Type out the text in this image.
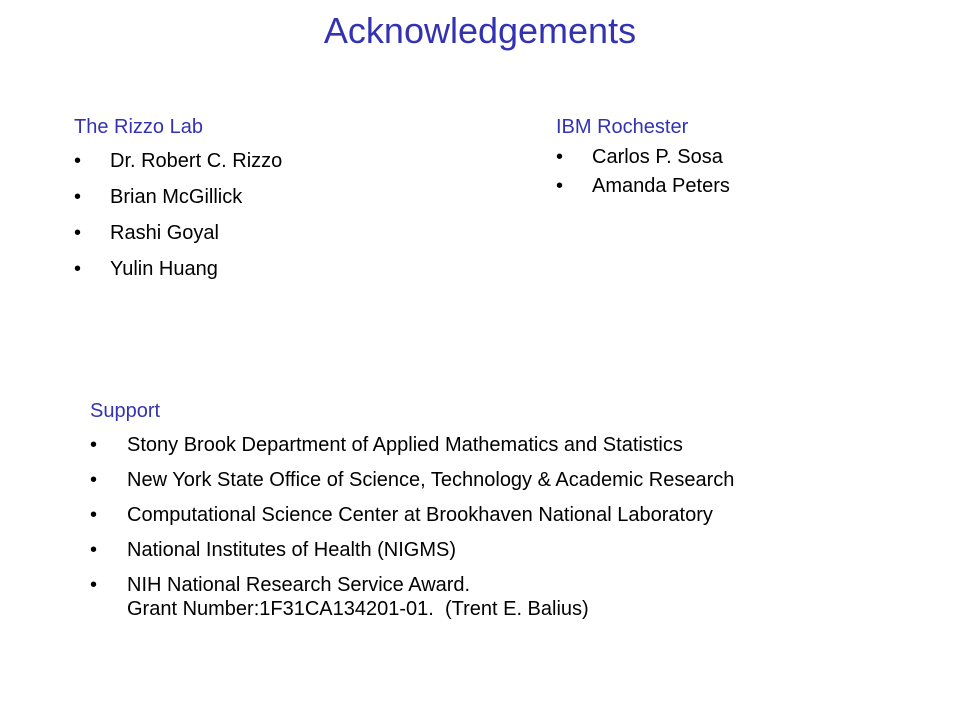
Acknowledgements

The Rizzo Lab

• Dr. Robert C. Rizzo
• Brian McGillick
• Rashi Goyal
• Yulin Huang

IBM Rochester

• Carlos P. Sosa
• Amanda Peters

Support

• Stony Brook Department of Applied Mathematics and Statistics
• New York State Office of Science, Technology & Academic Research
• Computational Science Center at Brookhaven National Laboratory
• National Institutes of Health (NIGMS)
• NIH National Research Service Award.
Grant Number:1F31CA134201-01.  (Trent E. Balius)
